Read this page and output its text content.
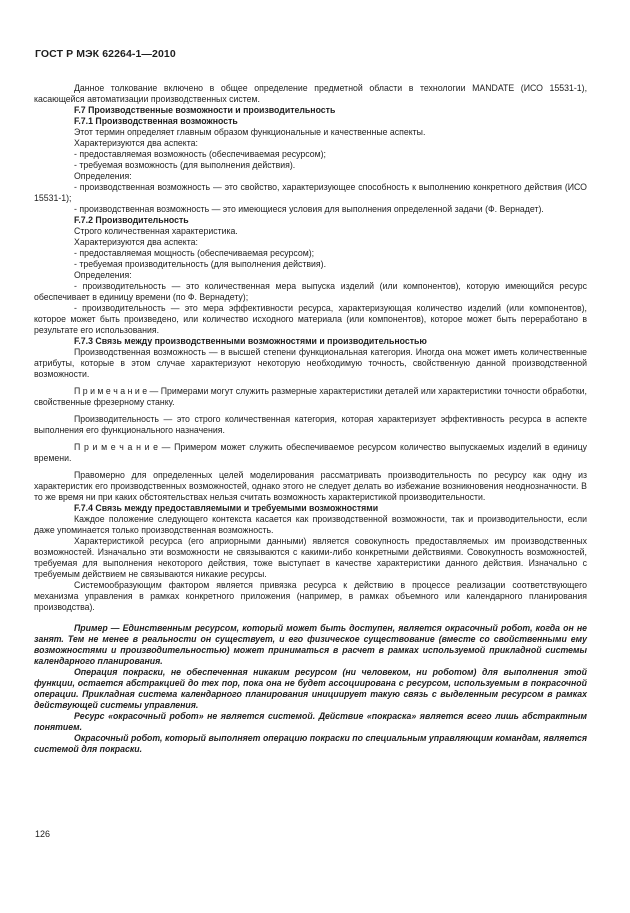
ГОСТ Р МЭК 62264-1—2010

Данное толкование включено в общее определение предметной области в технологии MANDATE (ИСО 15531-1), касающейся автоматизации производственных систем.

F.7 Производственные возможности и производительность

F.7.1 Производственная возможность

Этот термин определяет главным образом функциональные и качественные аспекты.

Характеризуются два аспекта:

- предоставляемая возможность (обеспечиваемая ресурсом);

- требуемая возможность (для выполнения действия).

Определения:

- производственная возможность — это свойство, характеризующее способность к выполнению конкретного действия (ИСО 15531-1);

- производственная возможность — это имеющиеся условия для выполнения определенной задачи (Ф. Вернадет).

F.7.2 Производительность

Строго количественная характеристика.

Характеризуются два аспекта:

- предоставляемая мощность (обеспечиваемая ресурсом);

- требуемая производительность (для выполнения действия).

Определения:

- производительность — это количественная мера выпуска изделий (или компонентов), которую имеющийся ресурс обеспечивает в единицу времени (по Ф. Вернадету);

- производительность — это мера эффективности ресурса, характеризующая количество изделий (или компонентов), которое может быть произведено, или количество исходного материала (или компонентов), которое может быть переработано в результате его использования.

F.7.3 Связь между производственными возможностями и производительностью

Производственная возможность — в высшей степени функциональная категория. Иногда она может иметь количественные атрибуты, которые в этом случае характеризуют некоторую необходимую точность, свойственную данной производственной возможности.

П р и м е ч а н и е — Примерами могут служить размерные характеристики деталей или характеристики точности обработки, свойственные фрезерному станку.

Производительность — это строго количественная категория, которая характеризует эффективность ресурса в аспекте выполнения его функционального назначения.

П р и м е ч а н и е — Примером может служить обеспечиваемое ресурсом количество выпускаемых изделий в единицу времени.

Правомерно для определенных целей моделирования рассматривать производительность по ресурсу как одну из характеристик его производственных возможностей, однако этого не следует делать во избежание возникновения неоднозначности. В то же время ни при каких обстоятельствах нельзя считать возможность характеристикой производительности.

F.7.4 Связь между предоставляемыми и требуемыми возможностями

Каждое положение следующего контекста касается как производственной возможности, так и производительности, если даже упоминается только производственная возможность.

Характеристикой ресурса (его априорными данными) является совокупность предоставляемых им производственных возможностей. Изначально эти возможности не связываются с какими-либо конкретными действиями. Совокупность возможностей, требуемая для выполнения некоторого действия, тоже выступает в качестве характеристики данного действия. Изначально с требуемым действием не связываются никакие ресурсы.

Системообразующим фактором является привязка ресурса к действию в процессе реализации соответствующего механизма управления в рамках конкретного приложения (например, в рамках объемного или календарного планирования производства).

Пример — Единственным ресурсом, который может быть доступен, является окрасочный робот, когда он не занят. Тем не менее в реальности он существует, и его физическое существование (вместе со свойственными ему возможностями и производительностью) может приниматься в расчет в рамках используемой прикладной системы календарного планирования.

Операция покраски, не обеспеченная никаким ресурсом (ни человеком, ни роботом) для выполнения этой функции, остается абстракцией до тех пор, пока она не будет ассоциирована с ресурсом, используемым в покрасочной операции. Прикладная система календарного планирования инициирует такую связь с выделенным ресурсом в рамках действующей системы управления.

Ресурс «окрасочный робот» не является системой. Действие «покраска» является всего лишь абстрактным понятием.

Окрасочный робот, который выполняет операцию покраски по специальным управляющим командам, является системой для покраски.

126
